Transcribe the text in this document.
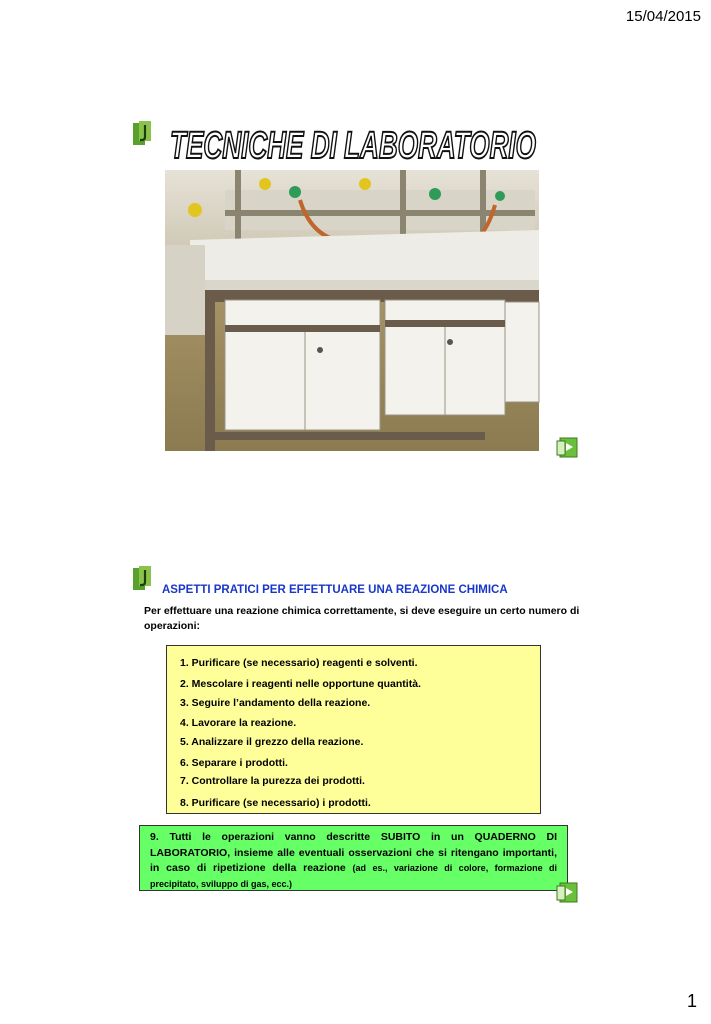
15/04/2015
TECNICHE DI LABORATORIO
ASPETTI PRATICI PER EFFETTUARE UNA REAZIONE CHIMICA
Per effettuare una reazione chimica correttamente, si deve eseguire un certo numero di operazioni:
1. Purificare (se necessario) reagenti e solventi.
2. Mescolare i reagenti nelle opportune quantità.
3. Seguire l’andamento della reazione.
4. Lavorare la reazione.
5. Analizzare il grezzo della reazione.
6. Separare i prodotti.
7. Controllare la purezza dei prodotti.
8. Purificare (se necessario) i prodotti.
9. Tutti le operazioni vanno descritte SUBITO in un QUADERNO DI LABORATORIO, insieme alle eventuali osservazioni che si ritengano importanti, in caso di ripetizione della reazione (ad es., variazione di colore, formazione di precipitato, sviluppo di gas, ecc.)
1
